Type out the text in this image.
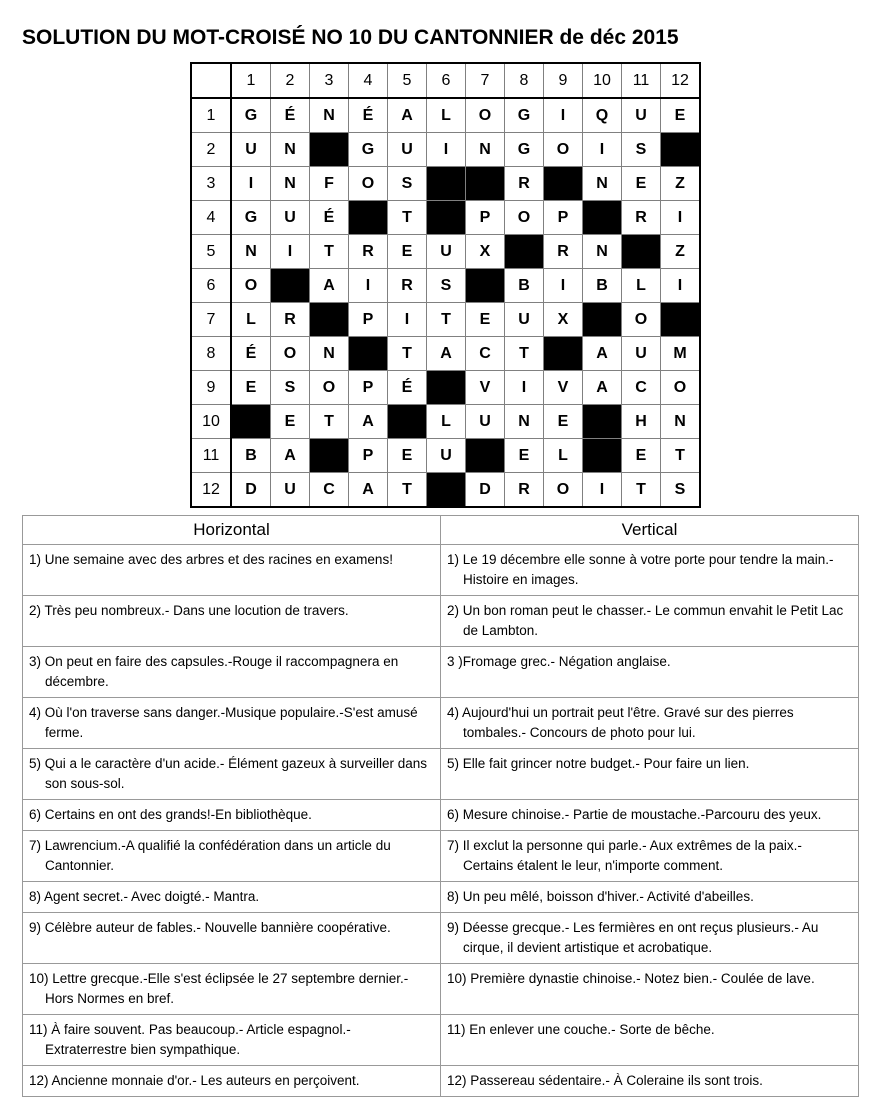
SOLUTION DU MOT-CROISÉ NO 10 DU CANTONNIER de déc 2015
	1	2	3	4	5	6	7	8	9	10	11	12
1	G	É	N	É	A	L	O	G	I	Q	U	E
2	U	N		G	U	I	N	G	O	I	S	
3	I	N	F	O	S			R		N	E	Z
4	G	U	É		T		P	O	P		R	I
5	N	I	T	R	E	U	X		R	N		Z
6	O		A	I	R	S		B	I	B	L	I
7	L	R		P	I	T	E	U	X		O	
8	É	O	N		T	A	C	T		A	U	M
9	E	S	O	P	É		V	I	V	A	C	O
10		E	T	A		L	U	N	E		H	N
11	B	A		P	E	U		E	L		E	T
12	D	U	C	A	T		D	R	O	I	T	S
Horizontal	Vertical

1) Une semaine avec des arbres et des racines en examens!	1) Le 19 décembre elle sonne à votre porte pour tendre la main.- Histoire en images.

2) Très peu nombreux.- Dans une locution de travers.	2) Un bon roman peut le chasser.- Le commun envahit le Petit Lac de Lambton.

3) On peut en faire des capsules.-Rouge il raccompagnera en décembre.	3 )Fromage grec.- Négation anglaise.

4) Où l'on traverse sans danger.-Musique populaire.-S'est amusé ferme.	4) Aujourd'hui un portrait peut l'être. Gravé sur des pierres tombales.- Concours de photo pour lui.

5) Qui a le caractère d'un acide.- Élément gazeux à surveiller dans son sous-sol.	5) Elle fait grincer notre budget.- Pour faire un lien.

6) Certains en ont des grands!-En bibliothèque.	6) Mesure chinoise.- Partie de moustache.-Parcouru des yeux.

7) Lawrencium.-A qualifié la confédération dans un article du Cantonnier.	7) Il exclut la personne qui parle.- Aux extrêmes de la paix.- Certains étalent le leur, n'importe comment.

8) Agent secret.- Avec doigté.- Mantra.	8) Un peu mêlé, boisson d'hiver.- Activité d'abeilles.

9) Célèbre auteur de fables.- Nouvelle bannière coopérative.	9) Déesse grecque.- Les fermières en ont reçus plusieurs.- Au cirque, il devient artistique et acrobatique.

10) Lettre grecque.-Elle s'est éclipsée le 27 septembre dernier.- Hors Normes en bref.	10) Première dynastie chinoise.- Notez bien.- Coulée de lave.

11) À faire souvent. Pas beaucoup.- Article espagnol.- Extraterrestre bien sympathique.	11) En enlever une couche.- Sorte de bêche.

12) Ancienne monnaie d'or.- Les auteurs en perçoivent.	12) Passereau sédentaire.- À Coleraine ils sont trois.
